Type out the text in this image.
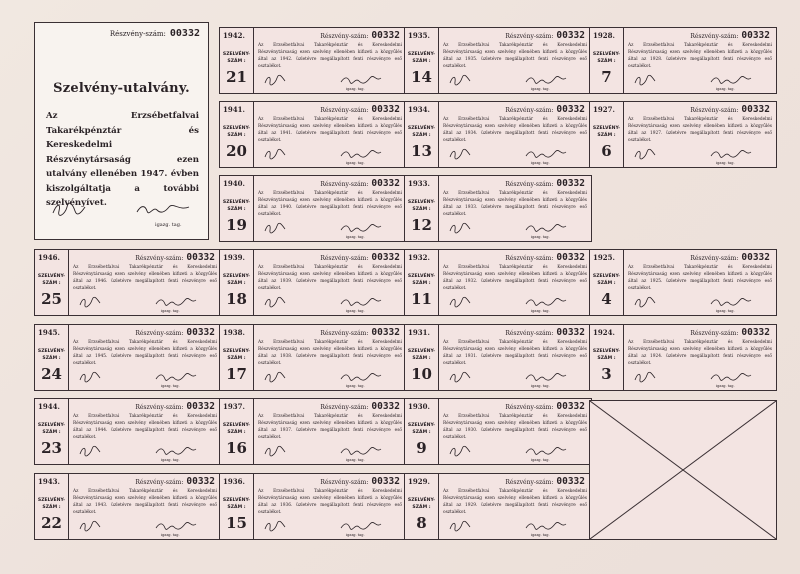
Részvény-szám: 00332
Szelvény-utalvány.
Az Erzsébetfalvai Takarékpénztár és Kereskedelmi Részvénytársaság ezen utalvány ellenében 1947. évben kiszolgáltatja a további szelvényívet.
igazg. tag.
1942.
SZELVÉNY-
SZÁM :
21
Részvény-szám: 00332
Az Erzsébetfalvai Takarékpénztár és Kereskedelmi Részvénytársaság ezen szelvény ellenében kifizeti a közgyűlés által az 1942. üzletévre megállapított fenti részvényre eső osztalékot.
igazg. tag.
1935.
SZELVÉNY-
SZÁM :
14
Részvény-szám: 00332
Az Erzsébetfalvai Takarékpénztár és Kereskedelmi Részvénytársaság ezen szelvény ellenében kifizeti a közgyűlés által az 1935. üzletévre megállapított fenti részvényre eső osztalékot.
igazg. tag.
1928.
SZELVÉNY-
SZÁM :
7
Részvény-szám: 00332
Az Erzsébetfalvai Takarékpénztár és Kereskedelmi Részvénytársaság ezen szelvény ellenében kifizeti a közgyűlés által az 1928. üzletévre megállapított fenti részvényre eső osztalékot.
igazg. tag.
1941.
SZELVÉNY-
SZÁM :
20
Részvény-szám: 00332
Az Erzsébetfalvai Takarékpénztár és Kereskedelmi Részvénytársaság ezen szelvény ellenében kifizeti a közgyűlés által az 1941. üzletévre megállapított fenti részvényre eső osztalékot.
igazg. tag.
1934.
SZELVÉNY-
SZÁM :
13
Részvény-szám: 00332
Az Erzsébetfalvai Takarékpénztár és Kereskedelmi Részvénytársaság ezen szelvény ellenében kifizeti a közgyűlés által az 1934. üzletévre megállapított fenti részvényre eső osztalékot.
igazg. tag.
1927.
SZELVÉNY-
SZÁM :
6
Részvény-szám: 00332
Az Erzsébetfalvai Takarékpénztár és Kereskedelmi Részvénytársaság ezen szelvény ellenében kifizeti a közgyűlés által az 1927. üzletévre megállapított fenti részvényre eső osztalékot.
igazg. tag.
1940.
SZELVÉNY-
SZÁM :
19
Részvény-szám: 00332
Az Erzsébetfalvai Takarékpénztár és Kereskedelmi Részvénytársaság ezen szelvény ellenében kifizeti a közgyűlés által az 1940. üzletévre megállapított fenti részvényre eső osztalékot.
igazg. tag.
1933.
SZELVÉNY-
SZÁM :
12
Részvény-szám: 00332
Az Erzsébetfalvai Takarékpénztár és Kereskedelmi Részvénytársaság ezen szelvény ellenében kifizeti a közgyűlés által az 1933. üzletévre megállapított fenti részvényre eső osztalékot.
igazg. tag.
1946.
SZELVÉNY-
SZÁM :
25
Részvény-szám: 00332
Az Erzsébetfalvai Takarékpénztár és Kereskedelmi Részvénytársaság ezen szelvény ellenében kifizeti a közgyűlés által az 1946. üzletévre megállapított fenti részvényre eső osztalékot.
igazg. tag.
1939.
SZELVÉNY-
SZÁM :
18
Részvény-szám: 00332
Az Erzsébetfalvai Takarékpénztár és Kereskedelmi Részvénytársaság ezen szelvény ellenében kifizeti a közgyűlés által az 1939. üzletévre megállapított fenti részvényre eső osztalékot.
igazg. tag.
1932.
SZELVÉNY-
SZÁM :
11
Részvény-szám: 00332
Az Erzsébetfalvai Takarékpénztár és Kereskedelmi Részvénytársaság ezen szelvény ellenében kifizeti a közgyűlés által az 1932. üzletévre megállapított fenti részvényre eső osztalékot.
igazg. tag.
1925.
SZELVÉNY-
SZÁM :
4
Részvény-szám: 00332
Az Erzsébetfalvai Takarékpénztár és Kereskedelmi Részvénytársaság ezen szelvény ellenében kifizeti a közgyűlés által az 1925. üzletévre megállapított fenti részvényre eső osztalékot.
igazg. tag.
1945.
SZELVÉNY-
SZÁM :
24
Részvény-szám: 00332
Az Erzsébetfalvai Takarékpénztár és Kereskedelmi Részvénytársaság ezen szelvény ellenében kifizeti a közgyűlés által az 1945. üzletévre megállapított fenti részvényre eső osztalékot.
igazg. tag.
1938.
SZELVÉNY-
SZÁM :
17
Részvény-szám: 00332
Az Erzsébetfalvai Takarékpénztár és Kereskedelmi Részvénytársaság ezen szelvény ellenében kifizeti a közgyűlés által az 1938. üzletévre megállapított fenti részvényre eső osztalékot.
igazg. tag.
1931.
SZELVÉNY-
SZÁM :
10
Részvény-szám: 00332
Az Erzsébetfalvai Takarékpénztár és Kereskedelmi Részvénytársaság ezen szelvény ellenében kifizeti a közgyűlés által az 1931. üzletévre megállapított fenti részvényre eső osztalékot.
igazg. tag.
1924.
SZELVÉNY-
SZÁM :
3
Részvény-szám: 00332
Az Erzsébetfalvai Takarékpénztár és Kereskedelmi Részvénytársaság ezen szelvény ellenében kifizeti a közgyűlés által az 1924. üzletévre megállapított fenti részvényre eső osztalékot.
igazg. tag.
1944.
SZELVÉNY-
SZÁM :
23
Részvény-szám: 00332
Az Erzsébetfalvai Takarékpénztár és Kereskedelmi Részvénytársaság ezen szelvény ellenében kifizeti a közgyűlés által az 1944. üzletévre megállapított fenti részvényre eső osztalékot.
igazg. tag.
1937.
SZELVÉNY-
SZÁM :
16
Részvény-szám: 00332
Az Erzsébetfalvai Takarékpénztár és Kereskedelmi Részvénytársaság ezen szelvény ellenében kifizeti a közgyűlés által az 1937. üzletévre megállapított fenti részvényre eső osztalékot.
igazg. tag.
1930.
SZELVÉNY-
SZÁM :
9
Részvény-szám: 00332
Az Erzsébetfalvai Takarékpénztár és Kereskedelmi Részvénytársaság ezen szelvény ellenében kifizeti a közgyűlés által az 1930. üzletévre megállapított fenti részvényre eső osztalékot.
igazg. tag.
1943.
SZELVÉNY-
SZÁM :
22
Részvény-szám: 00332
Az Erzsébetfalvai Takarékpénztár és Kereskedelmi Részvénytársaság ezen szelvény ellenében kifizeti a közgyűlés által az 1943. üzletévre megállapított fenti részvényre eső osztalékot.
igazg. tag.
1936.
SZELVÉNY-
SZÁM :
15
Részvény-szám: 00332
Az Erzsébetfalvai Takarékpénztár és Kereskedelmi Részvénytársaság ezen szelvény ellenében kifizeti a közgyűlés által az 1936. üzletévre megállapított fenti részvényre eső osztalékot.
igazg. tag.
1929.
SZELVÉNY-
SZÁM :
8
Részvény-szám: 00332
Az Erzsébetfalvai Takarékpénztár és Kereskedelmi Részvénytársaság ezen szelvény ellenében kifizeti a közgyűlés által az 1929. üzletévre megállapított fenti részvényre eső osztalékot.
igazg. tag.
